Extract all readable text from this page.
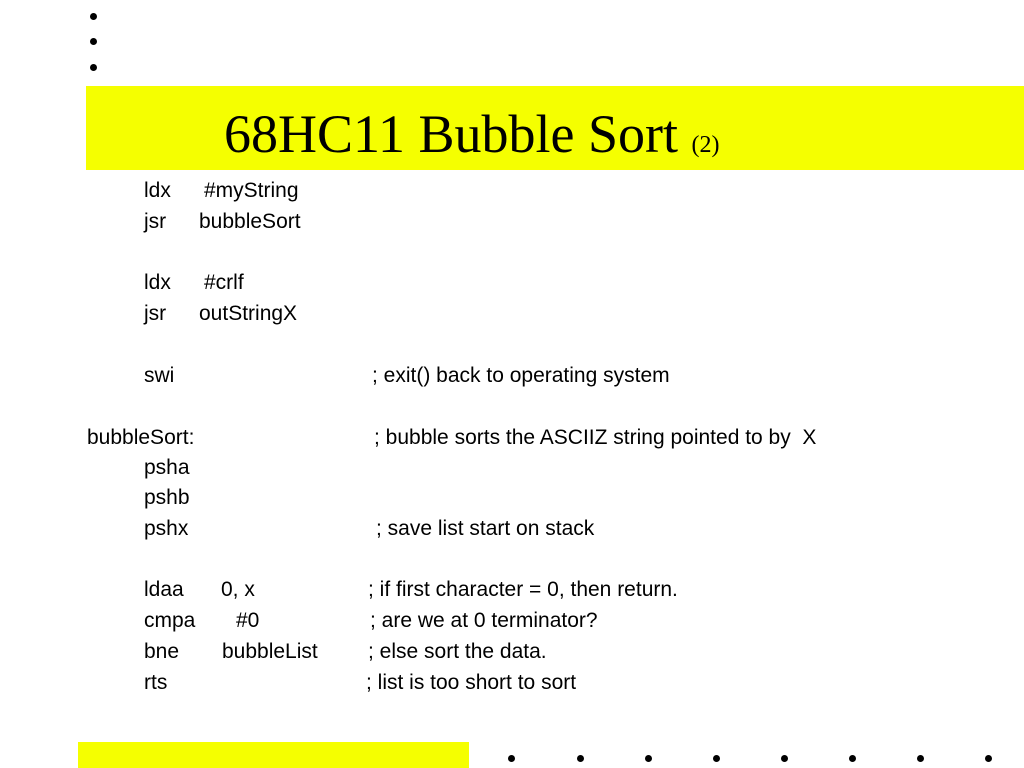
68HC11 Bubble Sort (2)
ldx #myString
jsr bubbleSort
ldx #crlf
jsr outStringX
swi	; exit() back to operating system
bubbleSort:	; bubble sorts the ASCIIZ string pointed to by  X
psha
pshb
pshx	; save list start on stack
ldaa 0, x	; if first character = 0, then return.
cmpa #0	; are we at 0 terminator?
bne bubbleList ; else sort the data.
rts	; list is too short to sort
